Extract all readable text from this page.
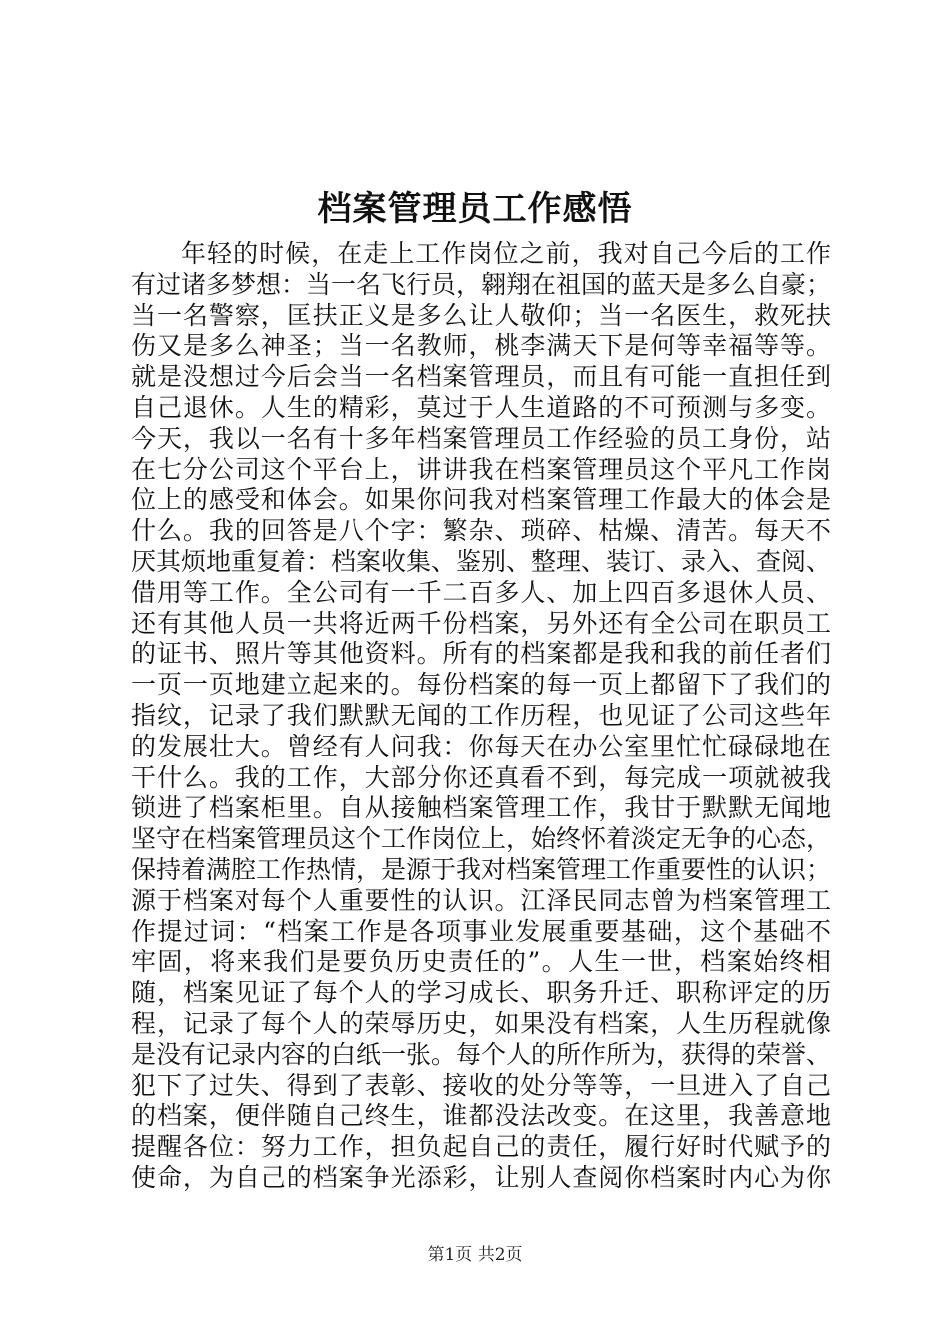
档案管理员工作感悟
年轻的时候，在走上工作岗位之前，我对自己今后的工作
有过诸多梦想：当一名飞行员，翱翔在祖国的蓝天是多么自豪；
当一名警察，匡扶正义是多么让人敬仰；当一名医生，救死扶
伤又是多么神圣；当一名教师，桃李满天下是何等幸福等等。
就是没想过今后会当一名档案管理员，而且有可能一直担任到
自己退休。人生的精彩，莫过于人生道路的不可预测与多变。
今天，我以一名有十多年档案管理员工作经验的员工身份，站
在七分公司这个平台上，讲讲我在档案管理员这个平凡工作岗
位上的感受和体会。如果你问我对档案管理工作最大的体会是
什么。我的回答是八个字：繁杂、琐碎、枯燥、清苦。每天不
厌其烦地重复着：档案收集、鉴别、整理、装订、录入、查阅、
借用等工作。全公司有一千二百多人、加上四百多退休人员、
还有其他人员一共将近两千份档案，另外还有全公司在职员工
的证书、照片等其他资料。所有的档案都是我和我的前任者们
一页一页地建立起来的。每份档案的每一页上都留下了我们的
指纹，记录了我们默默无闻的工作历程，也见证了公司这些年
的发展壮大。曾经有人问我：你每天在办公室里忙忙碌碌地在
干什么。我的工作，大部分你还真看不到，每完成一项就被我
锁进了档案柜里。自从接触档案管理工作，我甘于默默无闻地
坚守在档案管理员这个工作岗位上，始终怀着淡定无争的心态，
保持着满腔工作热情，是源于我对档案管理工作重要性的认识；
源于档案对每个人重要性的认识。江泽民同志曾为档案管理工
作提过词：“档案工作是各项事业发展重要基础，这个基础不
牢固，将来我们是要负历史责任的”。人生一世，档案始终相
随，档案见证了每个人的学习成长、职务升迁、职称评定的历
程，记录了每个人的荣辱历史，如果没有档案，人生历程就像
是没有记录内容的白纸一张。每个人的所作所为，获得的荣誉、
犯下了过失、得到了表彰、接收的处分等等，一旦进入了自己
的档案，便伴随自己终生，谁都没法改变。在这里，我善意地
提醒各位：努力工作，担负起自己的责任，履行好时代赋予的
使命，为自己的档案争光添彩，让别人查阅你档案时内心为你
第1页 共2页
